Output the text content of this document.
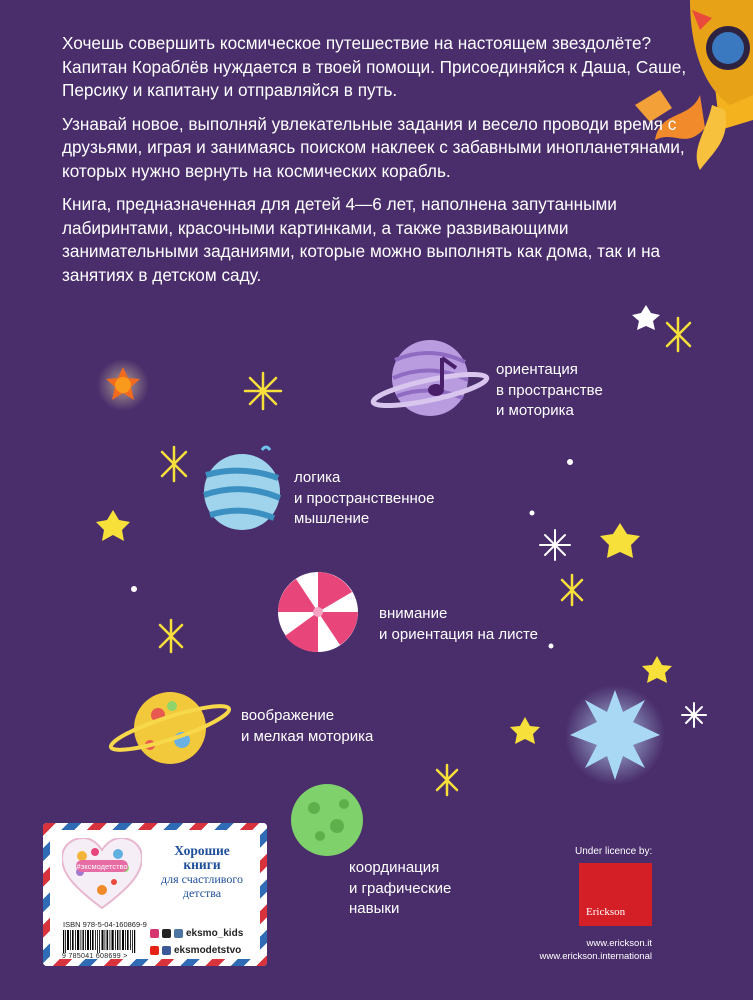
Хочешь совершить космическое путешествие на настоящем звездолёте? Капитан Кораблёв нуждается в твоей помощи. Присоединяйся к Даша, Саше, Персику и капитану и отправляйся в путь.

Узнавай новое, выполняй увлекательные задания и весело проводи время с друзьями, играя и занимаясь поиском наклеек с забавными инопланетянами, которых нужно вернуть на космических корабль.

Книга, предназначенная для детей 4—6 лет, наполнена запутанными лабиринтами, красочными картинками, а также развивающими занимательными заданиями, которые можно выполнять как дома, так и на занятиях в детском саду.

ориентация
в пространстве
и моторика
логика
и пространственное
мышление
внимание
и ориентация на листе
воображение
и мелкая моторика
координация
и графические
навыки
#эксмодетство
Хорошие
книги
для счастливого
детства
ISBN 978-5-04-160869-9
9 785041 608699 >
eksmo_kids
eksmodetstvo
Under licence by:
Erickson
www.erickson.it
www.erickson.international
